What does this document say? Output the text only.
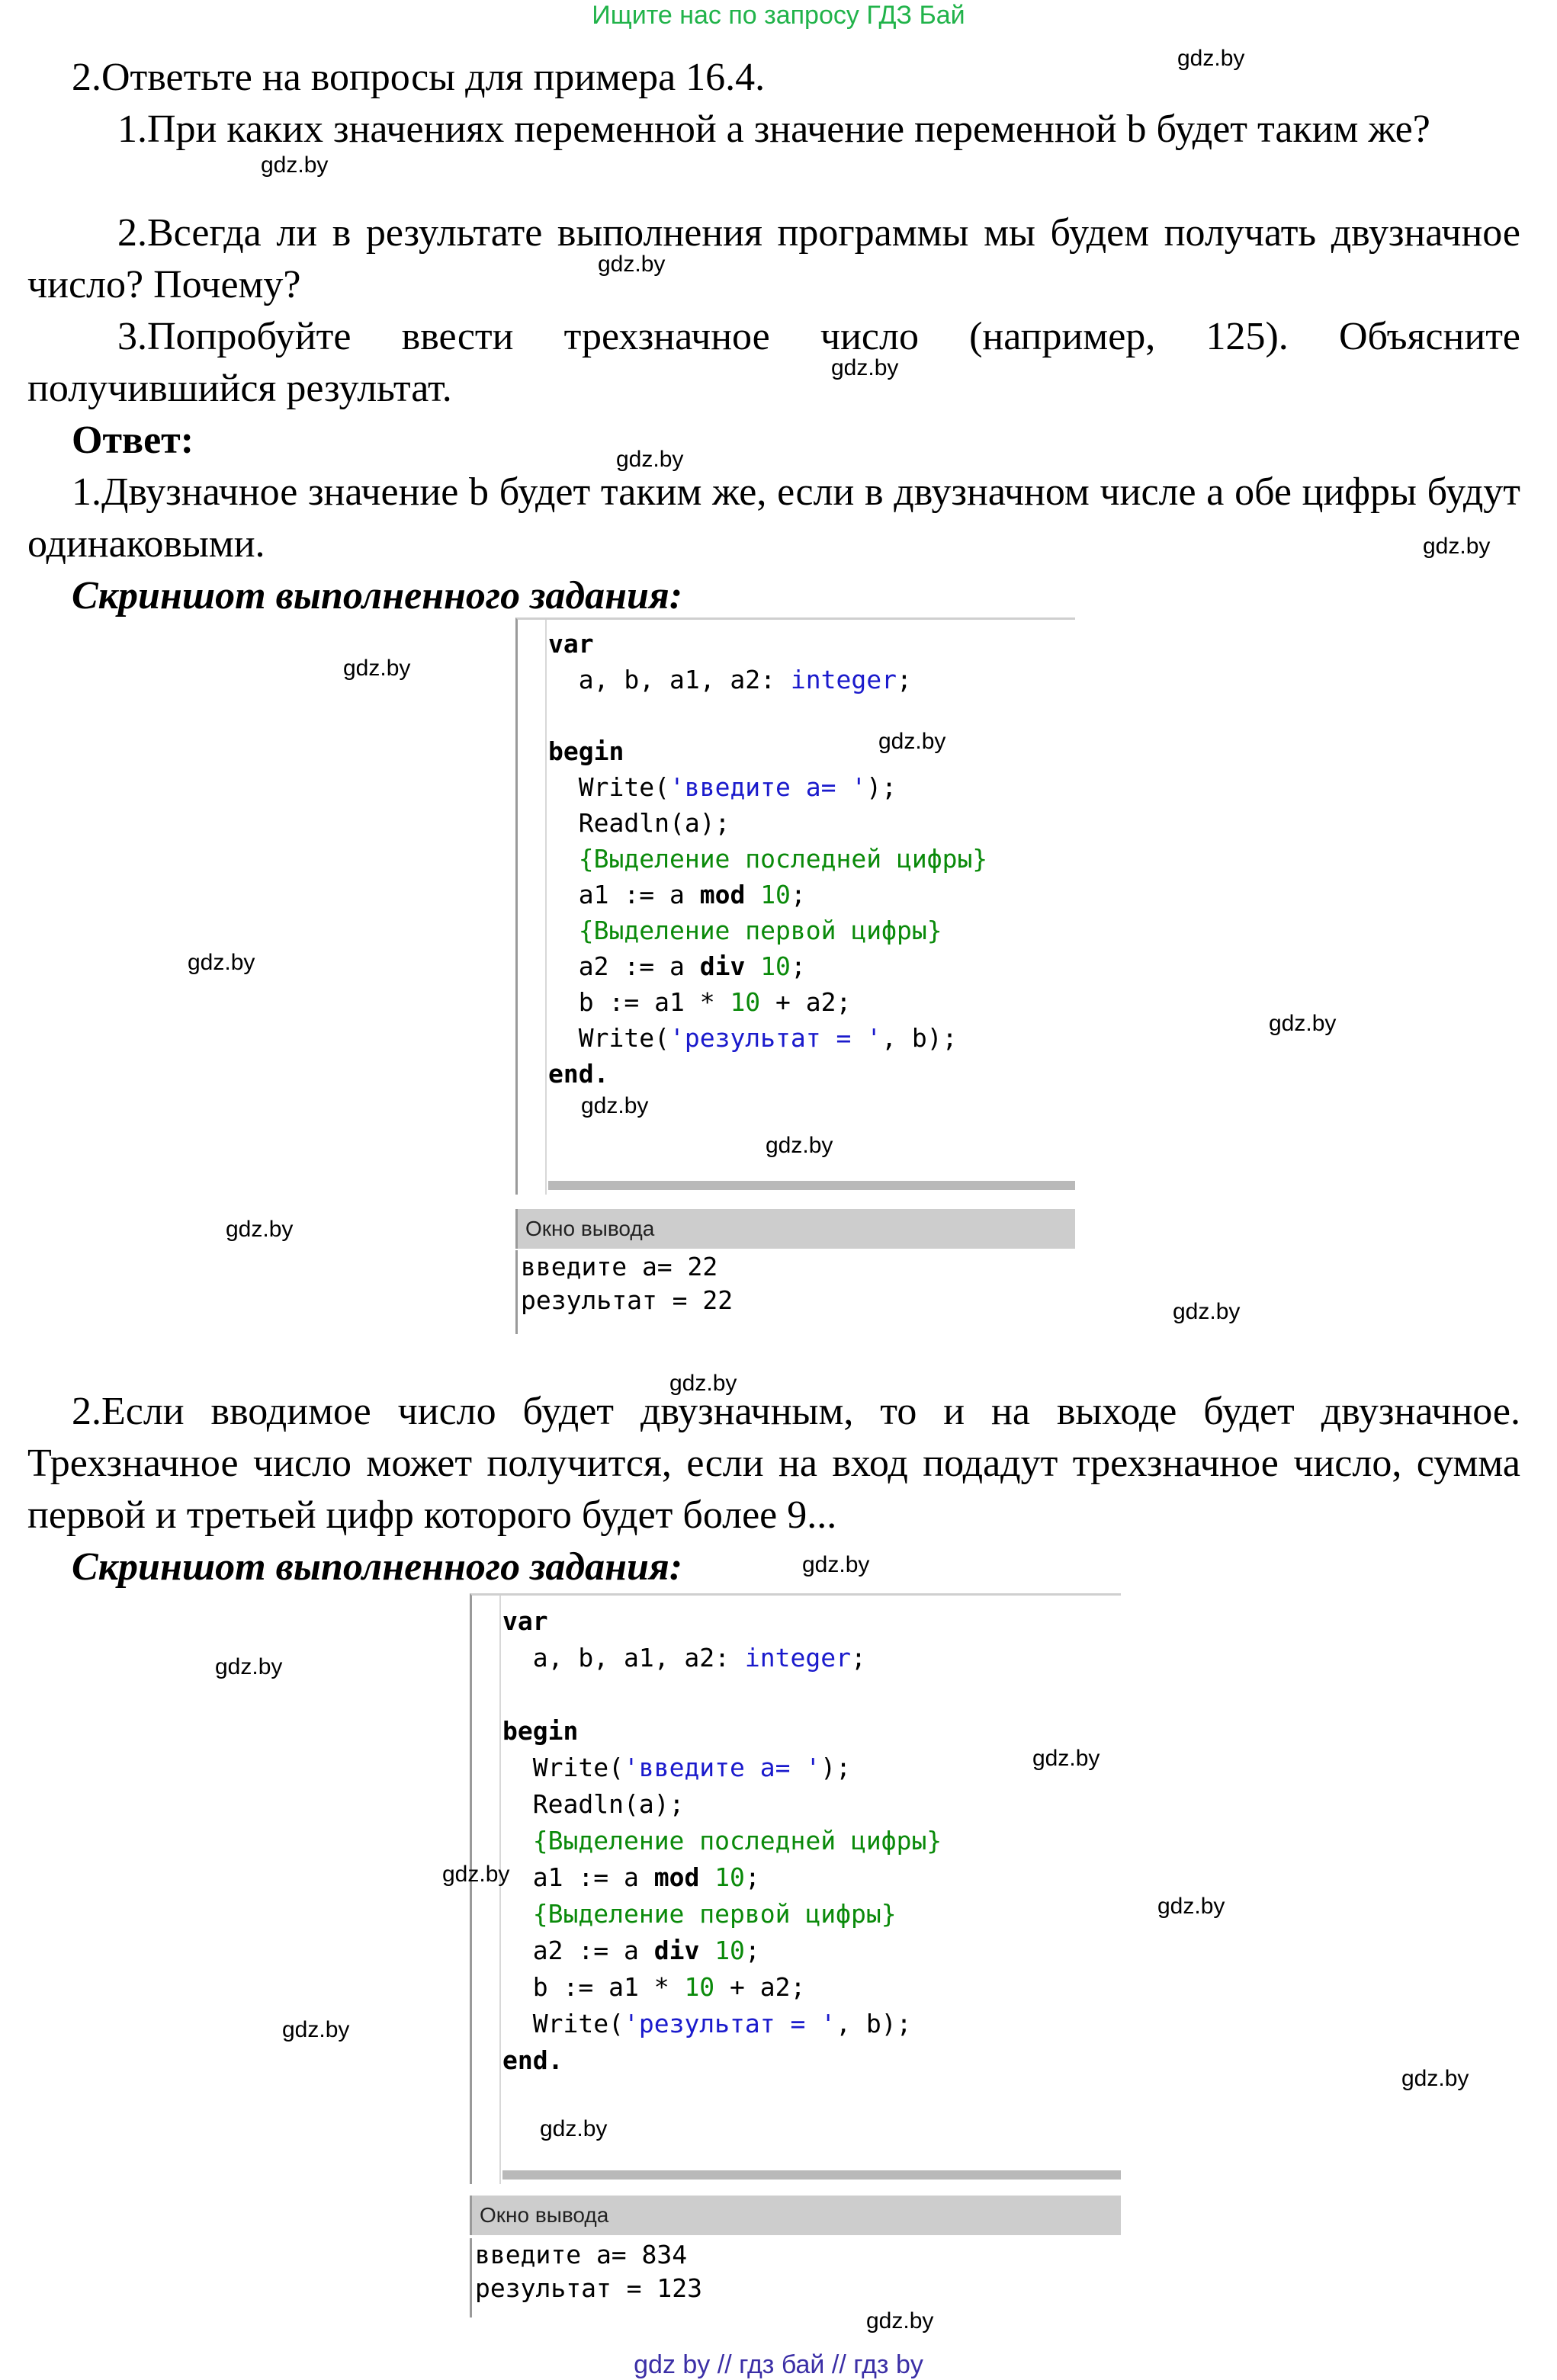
Ищите нас по запросу ГДЗ Бай
2.Ответьте на вопросы для примера 16.4.
1.При каких значениях переменной a значение переменной b будет таким же?
2.Всегда ли в результате выполнения программы мы будем получать двузначное число? Почему?
3.Попробуйте ввести трехзначное число (например, 125). Объясните получившийся результат.
Ответ:
1.Двузначное значение b будет таким же, если в двузначном числе a обе цифры будут одинаковыми.
Скриншот выполненного задания:
var
a, b, a1, a2: integer;

begin
Write('введите a= ');
Readln(a);
{Выделение последней цифры}
a1 := a mod 10;
{Выделение первой цифры}
a2 := a div 10;
b := a1 * 10 + a2;
Write('результат = ', b);
end.
Окно вывода
введите a= 22
результат = 22
2.Если вводимое число будет двузначным, то и на выходе будет двузначное. Трехзначное число может получится, если на вход подадут трехзначное число, сумма первой и третьей цифр которого будет более 9...
Скриншот выполненного задания:
var
a, b, a1, a2: integer;

begin
Write('введите a= ');
Readln(a);
{Выделение последней цифры}
a1 := a mod 10;
{Выделение первой цифры}
a2 := a div 10;
b := a1 * 10 + a2;
Write('результат = ', b);
end.
Окно вывода
введите a= 834
результат = 123
gdz.by
gdz.by
gdz.by
gdz.by
gdz.by
gdz.by
gdz.by
gdz.by
gdz.by
gdz.by
gdz.by
gdz.by
gdz.by
gdz.by
gdz.by
gdz.by
gdz.by
gdz.by
gdz.by
gdz.by
gdz.by
gdz.by
gdz.by
gdz.by
gdz by // гдз бай // гдз by
